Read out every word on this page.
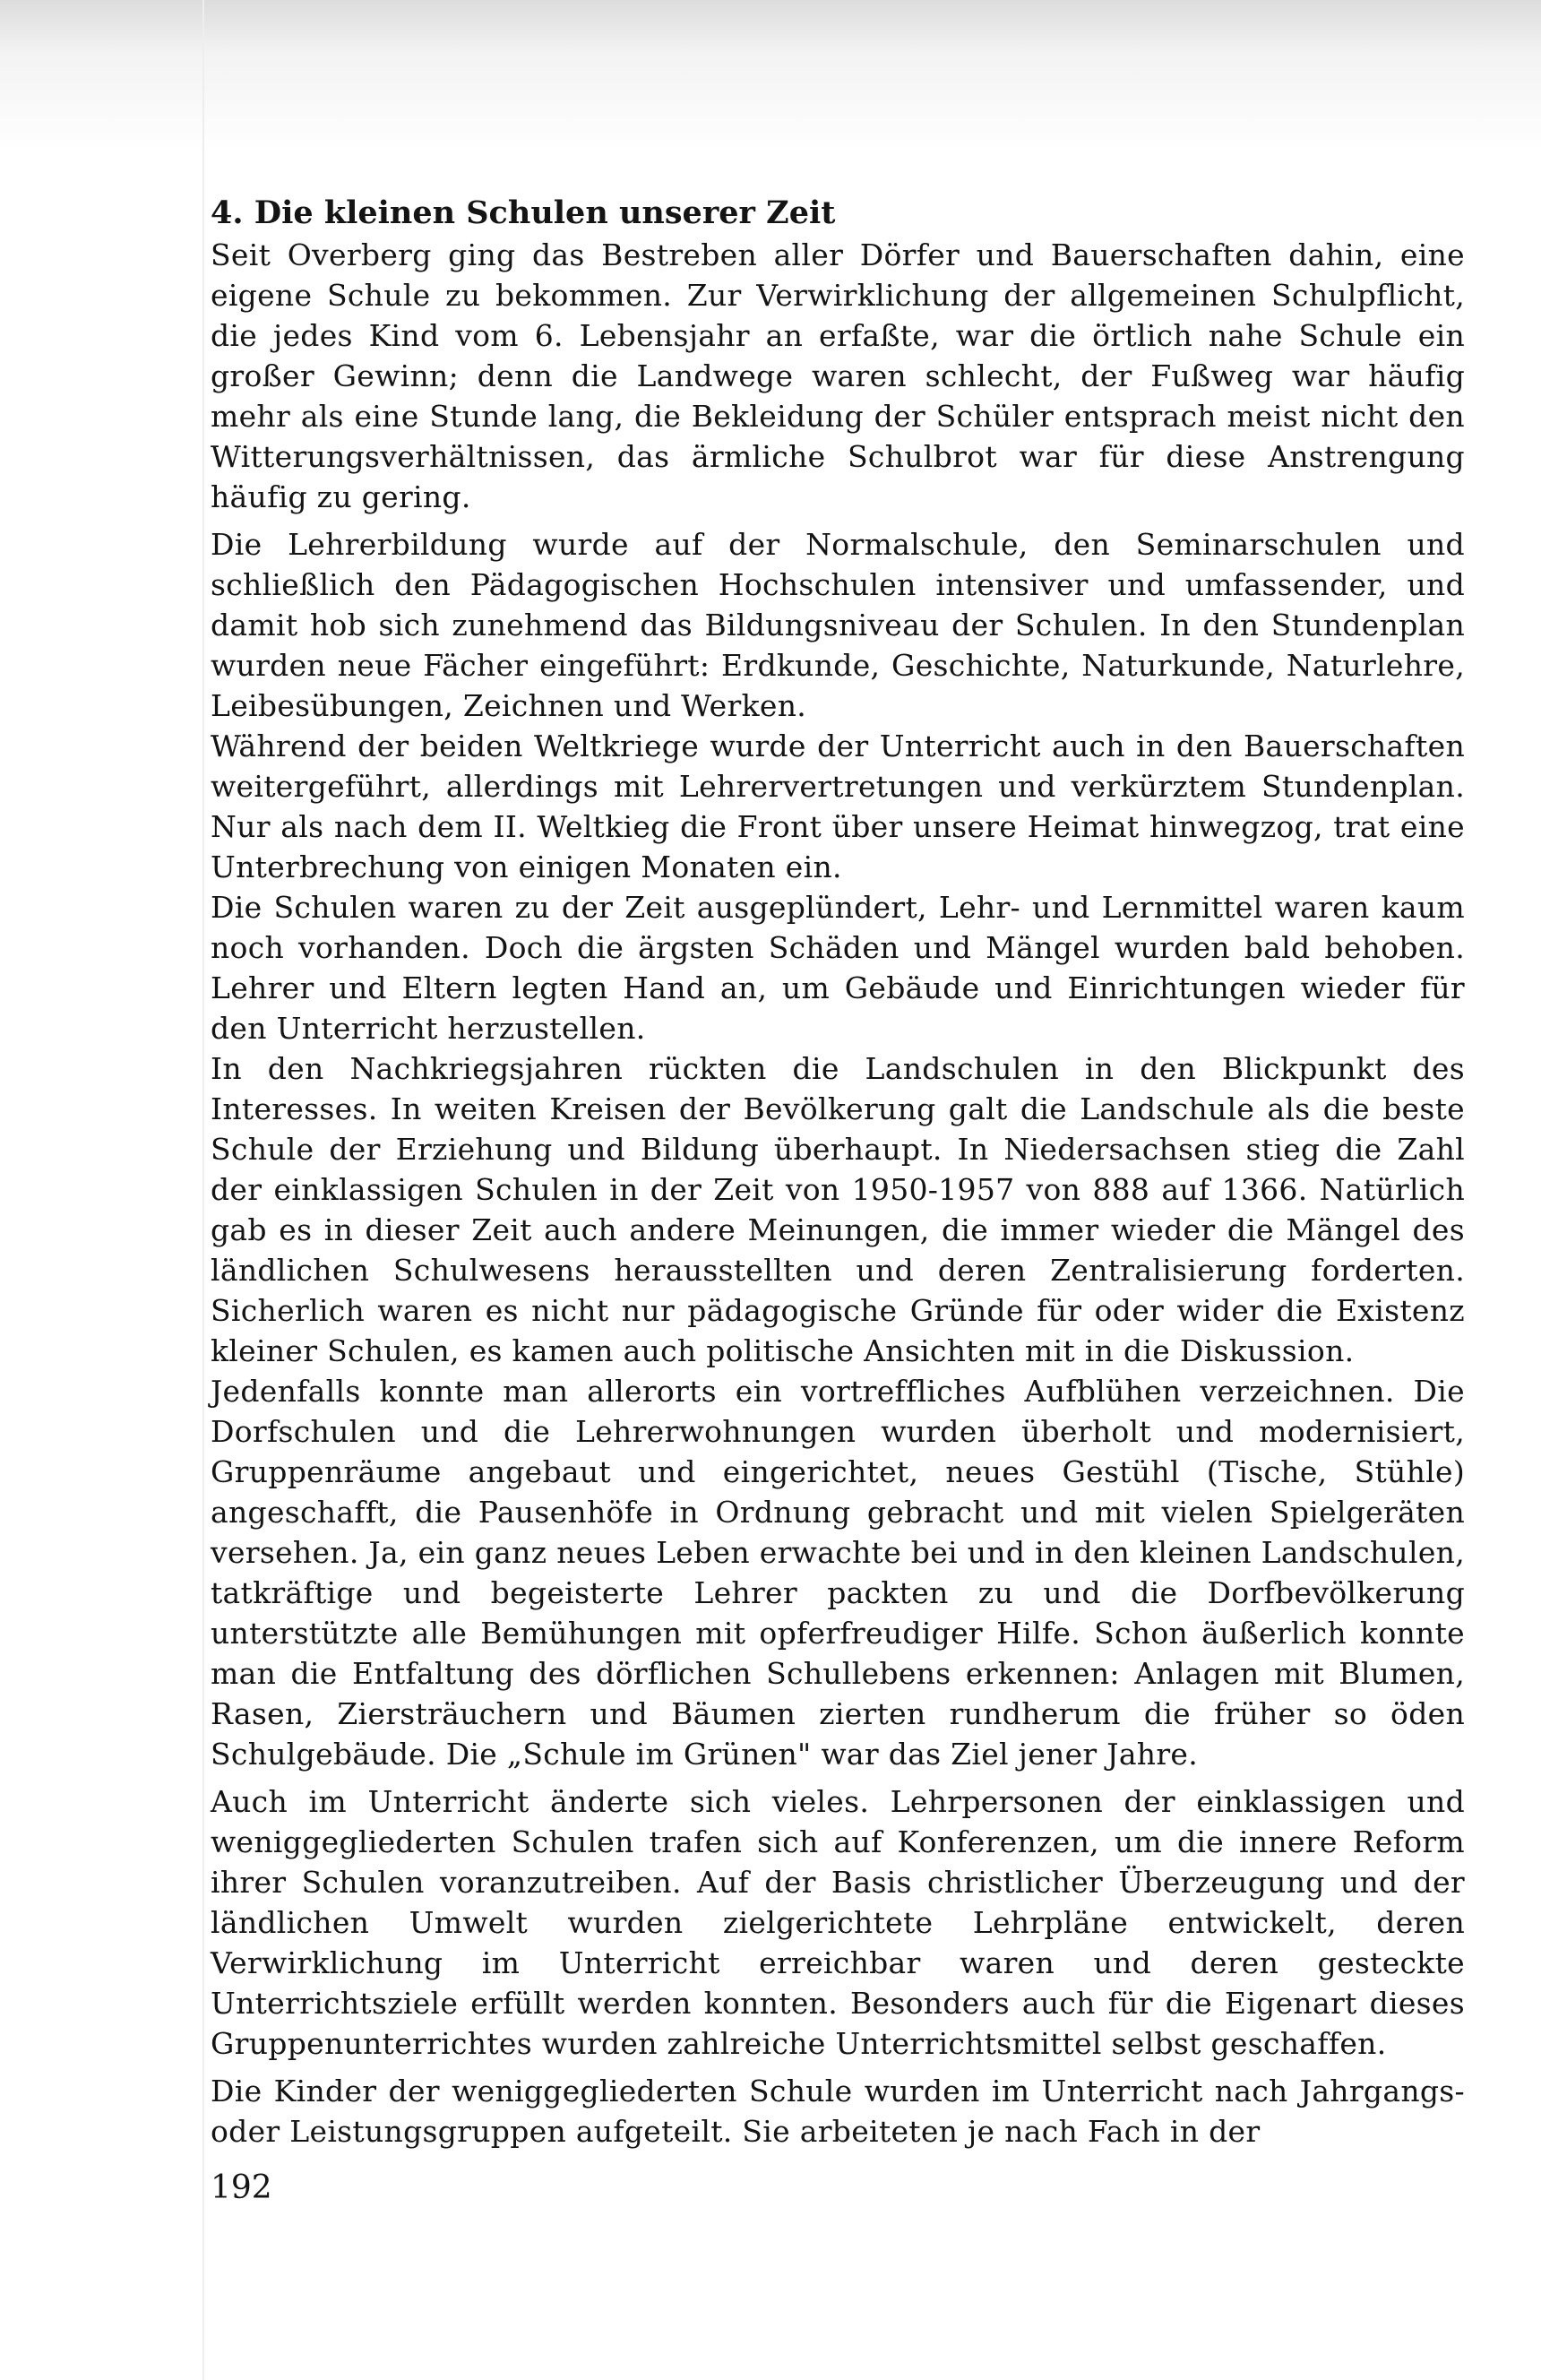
4. Die kleinen Schulen unserer Zeit

Seit Overberg ging das Bestreben aller Dörfer und Bauerschaften dahin, eine eigene Schule zu bekommen. Zur Verwirklichung der allgemeinen Schulpflicht, die jedes Kind vom 6. Lebensjahr an erfaßte, war die örtlich nahe Schule ein großer Gewinn; denn die Landwege waren schlecht, der Fußweg war häufig mehr als eine Stunde lang, die Bekleidung der Schüler entsprach meist nicht den Witterungsverhältnissen, das ärmliche Schulbrot war für diese Anstrengung häufig zu gering.

Die Lehrerbildung wurde auf der Normalschule, den Seminarschulen und schließlich den Pädagogischen Hochschulen intensiver und umfassender, und damit hob sich zunehmend das Bildungsniveau der Schulen. In den Stundenplan wurden neue Fächer eingeführt: Erdkunde, Geschichte, Naturkunde, Naturlehre, Leibesübungen, Zeichnen und Werken.

Während der beiden Weltkriege wurde der Unterricht auch in den Bauerschaften weitergeführt, allerdings mit Lehrervertretungen und verkürztem Stundenplan. Nur als nach dem II. Weltkieg die Front über unsere Heimat hinwegzog, trat eine Unterbrechung von einigen Monaten ein.

Die Schulen waren zu der Zeit ausgeplündert, Lehr- und Lernmittel waren kaum noch vorhanden. Doch die ärgsten Schäden und Mängel wurden bald behoben. Lehrer und Eltern legten Hand an, um Gebäude und Einrichtungen wieder für den Unterricht herzustellen.

In den Nachkriegsjahren rückten die Landschulen in den Blickpunkt des Interesses. In weiten Kreisen der Bevölkerung galt die Landschule als die beste Schule der Erziehung und Bildung überhaupt. In Niedersachsen stieg die Zahl der einklassigen Schulen in der Zeit von 1950-1957 von 888 auf 1366. Natürlich gab es in dieser Zeit auch andere Meinungen, die immer wieder die Mängel des ländlichen Schulwesens herausstellten und deren Zentralisierung forderten. Sicherlich waren es nicht nur pädagogische Gründe für oder wider die Existenz kleiner Schulen, es kamen auch politische Ansichten mit in die Diskussion.

Jedenfalls konnte man allerorts ein vortreffliches Aufblühen verzeichnen. Die Dorfschulen und die Lehrerwohnungen wurden überholt und modernisiert, Gruppenräume angebaut und eingerichtet, neues Gestühl (Tische, Stühle) angeschafft, die Pausenhöfe in Ordnung gebracht und mit vielen Spielgeräten versehen. Ja, ein ganz neues Leben erwachte bei und in den kleinen Landschulen, tatkräftige und begeisterte Lehrer packten zu und die Dorfbevölkerung unterstützte alle Bemühungen mit opferfreudiger Hilfe. Schon äußerlich konnte man die Entfaltung des dörflichen Schullebens erkennen: Anlagen mit Blumen, Rasen, Ziersträuchern und Bäumen zierten rundherum die früher so öden Schulgebäude. Die „Schule im Grünen" war das Ziel jener Jahre.

Auch im Unterricht änderte sich vieles. Lehrpersonen der einklassigen und weniggegliederten Schulen trafen sich auf Konferenzen, um die innere Reform ihrer Schulen voranzutreiben. Auf der Basis christlicher Überzeugung und der ländlichen Umwelt wurden zielgerichtete Lehrpläne entwickelt, deren Verwirklichung im Unterricht erreichbar waren und deren gesteckte Unterrichtsziele erfüllt werden konnten. Besonders auch für die Eigenart dieses Gruppenunterrichtes wurden zahlreiche Unterrichtsmittel selbst geschaffen.

Die Kinder der weniggegliederten Schule wurden im Unterricht nach Jahrgangs- oder Leistungsgruppen aufgeteilt. Sie arbeiteten je nach Fach in der

192
